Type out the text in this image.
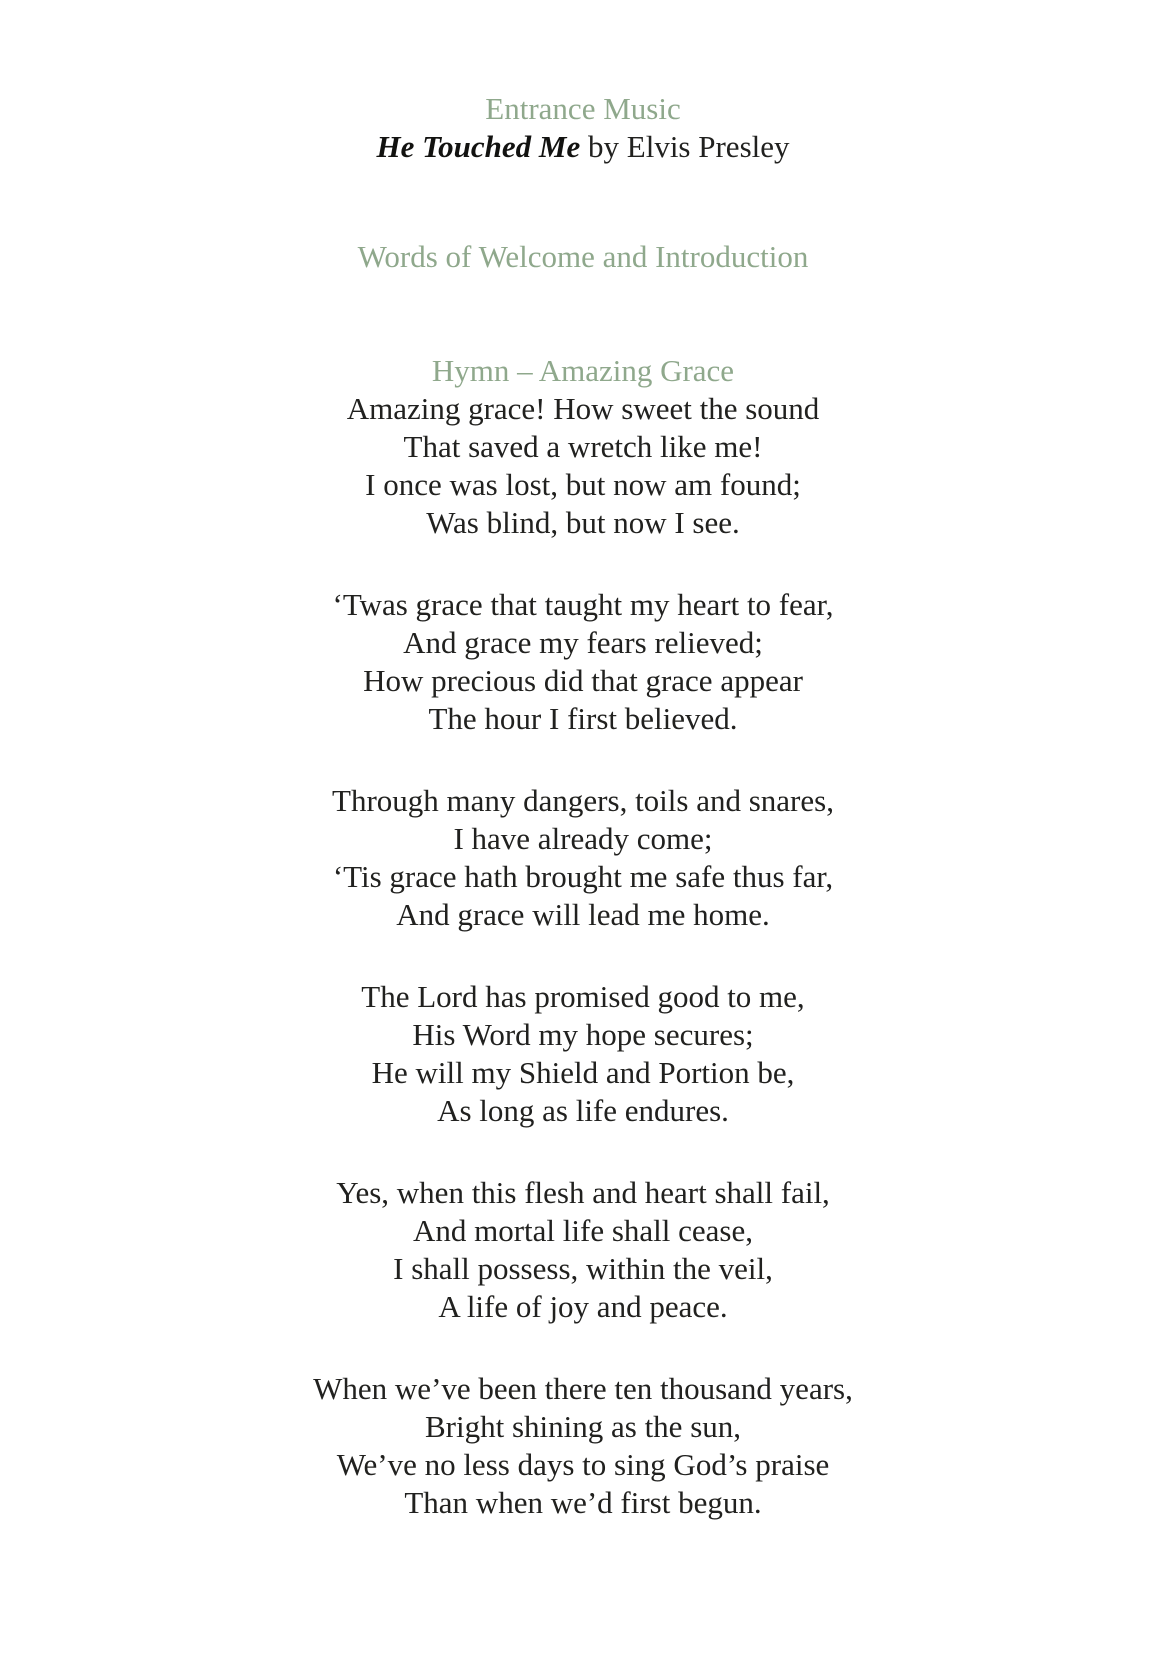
Entrance Music
He Touched Me by Elvis Presley
Words of Welcome and Introduction
Hymn – Amazing Grace
Amazing grace! How sweet the sound
That saved a wretch like me!
I once was lost, but now am found;
Was blind, but now I see.
‘Twas grace that taught my heart to fear,
And grace my fears relieved;
How precious did that grace appear
The hour I first believed.
Through many dangers, toils and snares,
I have already come;
‘Tis grace hath brought me safe thus far,
And grace will lead me home.
The Lord has promised good to me,
His Word my hope secures;
He will my Shield and Portion be,
As long as life endures.
Yes, when this flesh and heart shall fail,
And mortal life shall cease,
I shall possess, within the veil,
A life of joy and peace.
When we’ve been there ten thousand years,
Bright shining as the sun,
We’ve no less days to sing God’s praise
Than when we’d first begun.
